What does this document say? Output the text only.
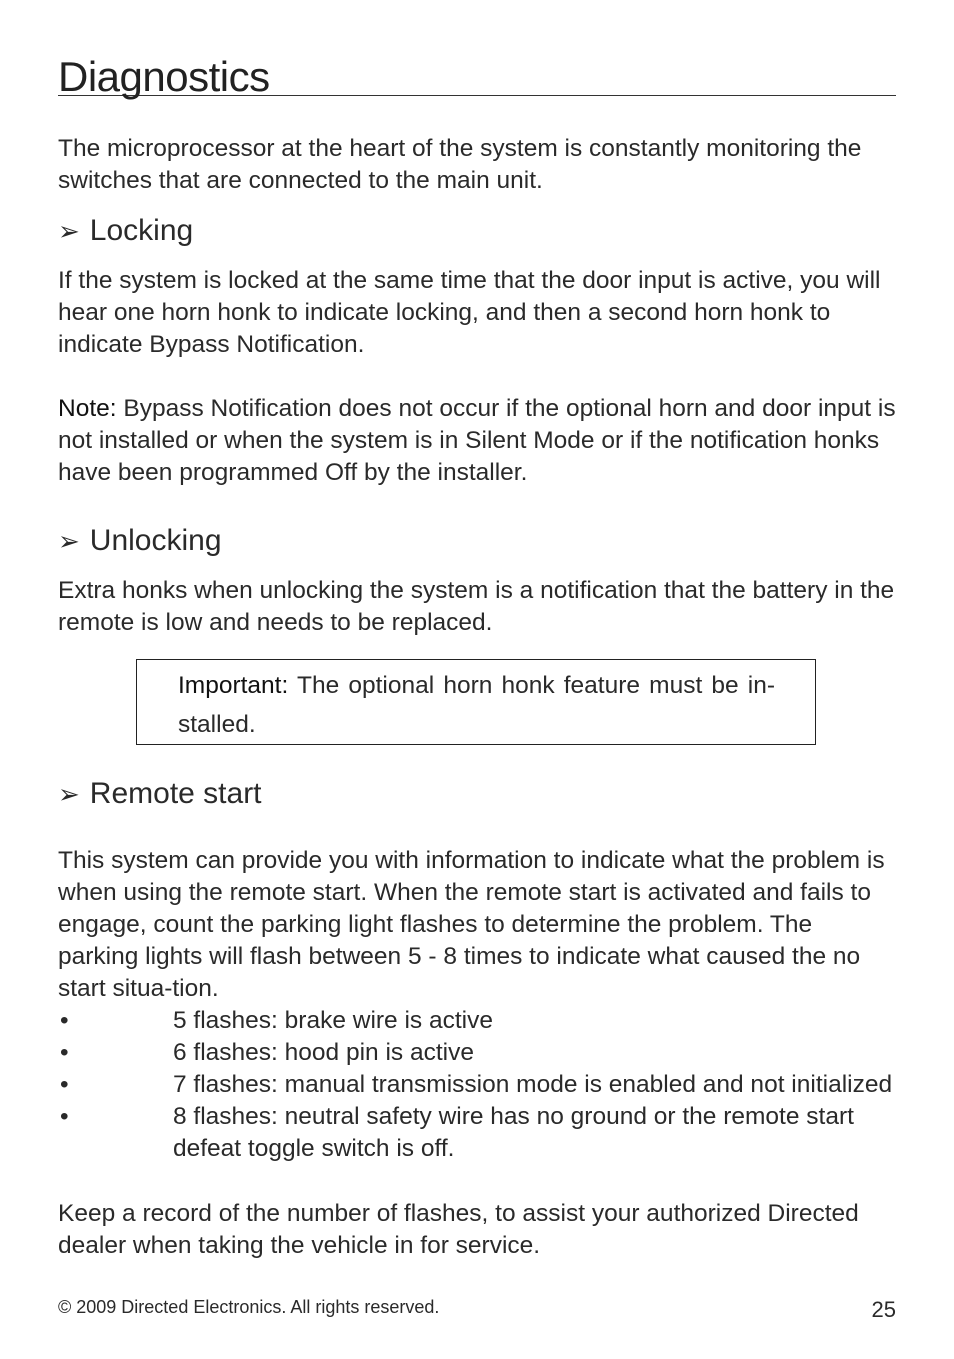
Diagnostics

The microprocessor at the heart of the system is constantly monitoring the switches that are connected to the main unit.

➢ Locking

If the system is locked at the same time that the door input is active, you will hear one horn honk to indicate locking, and then a second horn honk to indicate Bypass Notification.

Note: Bypass Notification does not occur if the optional horn and door input is not installed or when the system is in Silent Mode or if the notification honks have been programmed Off by the installer.

➢ Unlocking

Extra honks when unlocking the system is a notification that the battery in the remote is low and needs to be replaced.

Important: The optional horn honk feature must be in-stalled.

➢ Remote start

This system can provide you with information to indicate what the problem is when using the remote start. When the remote start is activated and fails to engage, count the parking light flashes to determine the problem. The parking lights will flash between 5 - 8 times to indicate what caused the no start situa-tion.

•	5 flashes: brake wire is active
•	6 flashes: hood pin is active
•	7 flashes: manual transmission mode is enabled and not initialized
•	8 flashes: neutral safety wire has no ground or the remote start defeat toggle switch is off.

Keep a record of the number of flashes, to assist your authorized Directed dealer when taking the vehicle in for service.

© 2009 Directed Electronics. All rights reserved.	25
